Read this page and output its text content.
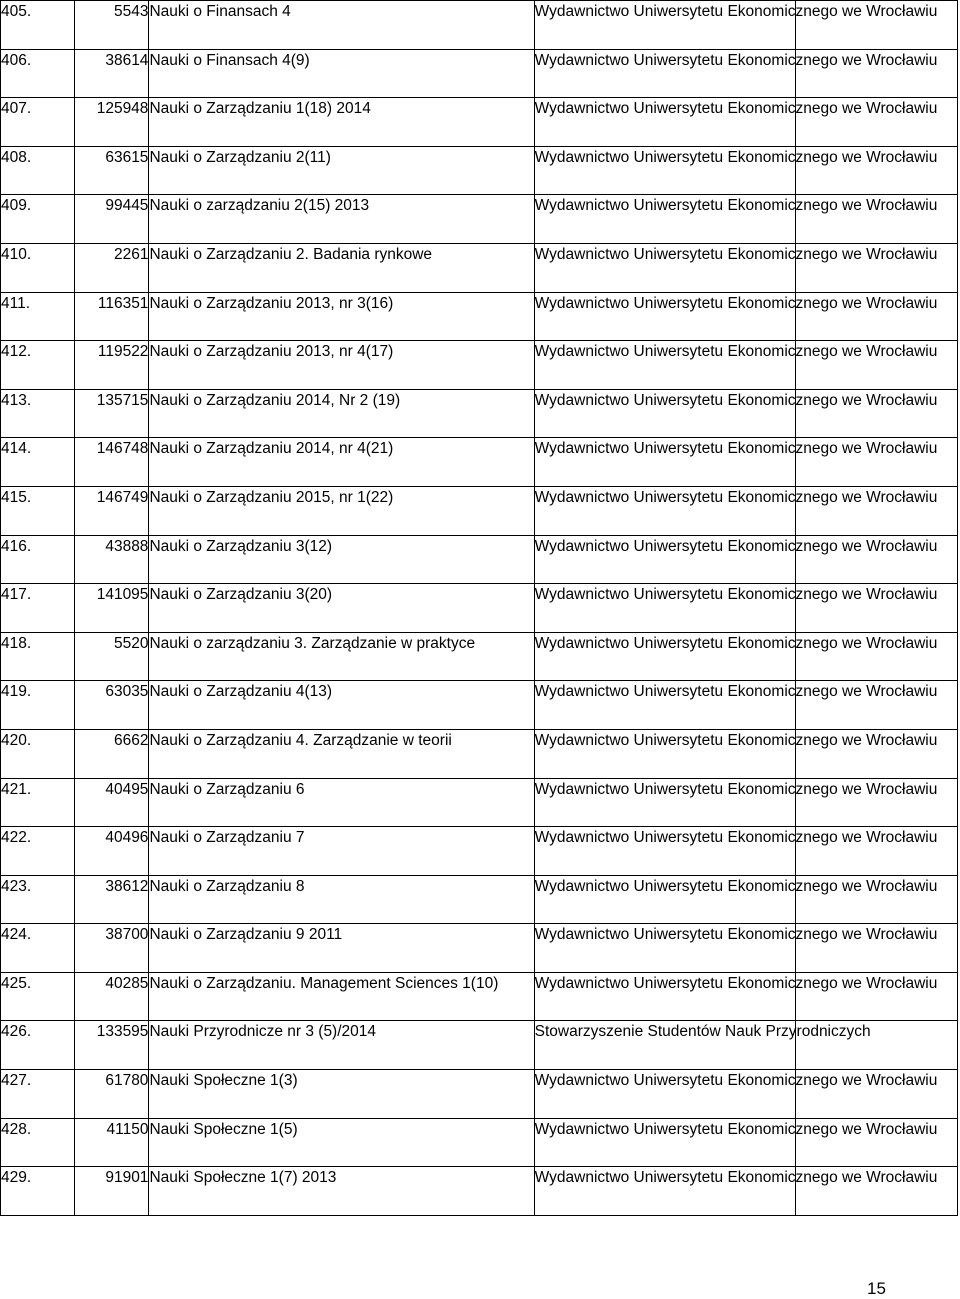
405.	5543	Nauki o Finansach 4	Wydawnictwo Uniwersytetu Ekonomicznego we Wrocławiu	
406.	38614	Nauki o Finansach 4(9)	Wydawnictwo Uniwersytetu Ekonomicznego we Wrocławiu	
407.	125948	Nauki o Zarządzaniu 1(18) 2014	Wydawnictwo Uniwersytetu Ekonomicznego we Wrocławiu	
408.	63615	Nauki o Zarządzaniu 2(11)	Wydawnictwo Uniwersytetu Ekonomicznego we Wrocławiu	
409.	99445	Nauki o zarządzaniu 2(15) 2013	Wydawnictwo Uniwersytetu Ekonomicznego we Wrocławiu	
410.	2261	Nauki o Zarządzaniu 2. Badania rynkowe	Wydawnictwo Uniwersytetu Ekonomicznego we Wrocławiu	
411.	116351	Nauki o Zarządzaniu 2013, nr 3(16)	Wydawnictwo Uniwersytetu Ekonomicznego we Wrocławiu	
412.	119522	Nauki o Zarządzaniu 2013, nr 4(17)	Wydawnictwo Uniwersytetu Ekonomicznego we Wrocławiu	
413.	135715	Nauki o Zarządzaniu 2014, Nr 2 (19)	Wydawnictwo Uniwersytetu Ekonomicznego we Wrocławiu	
414.	146748	Nauki o Zarządzaniu 2014, nr 4(21)	Wydawnictwo Uniwersytetu Ekonomicznego we Wrocławiu	
415.	146749	Nauki o Zarządzaniu 2015, nr 1(22)	Wydawnictwo Uniwersytetu Ekonomicznego we Wrocławiu	
416.	43888	Nauki o Zarządzaniu 3(12)	Wydawnictwo Uniwersytetu Ekonomicznego we Wrocławiu	
417.	141095	Nauki o Zarządzaniu 3(20)	Wydawnictwo Uniwersytetu Ekonomicznego we Wrocławiu	
418.	5520	Nauki o zarządzaniu 3. Zarządzanie w praktyce	Wydawnictwo Uniwersytetu Ekonomicznego we Wrocławiu	
419.	63035	Nauki o Zarządzaniu 4(13)	Wydawnictwo Uniwersytetu Ekonomicznego we Wrocławiu	
420.	6662	Nauki o Zarządzaniu 4. Zarządzanie w teorii	Wydawnictwo Uniwersytetu Ekonomicznego we Wrocławiu	
421.	40495	Nauki o Zarządzaniu 6	Wydawnictwo Uniwersytetu Ekonomicznego we Wrocławiu	
422.	40496	Nauki o Zarządzaniu 7	Wydawnictwo Uniwersytetu Ekonomicznego we Wrocławiu	
423.	38612	Nauki o Zarządzaniu 8	Wydawnictwo Uniwersytetu Ekonomicznego we Wrocławiu	
424.	38700	Nauki o Zarządzaniu 9 2011	Wydawnictwo Uniwersytetu Ekonomicznego we Wrocławiu	
425.	40285	Nauki o Zarządzaniu. Management Sciences 1(10)	Wydawnictwo Uniwersytetu Ekonomicznego we Wrocławiu	
426.	133595	Nauki Przyrodnicze nr 3 (5)/2014	Stowarzyszenie Studentów Nauk Przyrodniczych	
427.	61780	Nauki Społeczne 1(3)	Wydawnictwo Uniwersytetu Ekonomicznego we Wrocławiu	
428.	41150	Nauki Społeczne 1(5)	Wydawnictwo Uniwersytetu Ekonomicznego we Wrocławiu	
429.	91901	Nauki Społeczne 1(7) 2013	Wydawnictwo Uniwersytetu Ekonomicznego we Wrocławiu	
15
